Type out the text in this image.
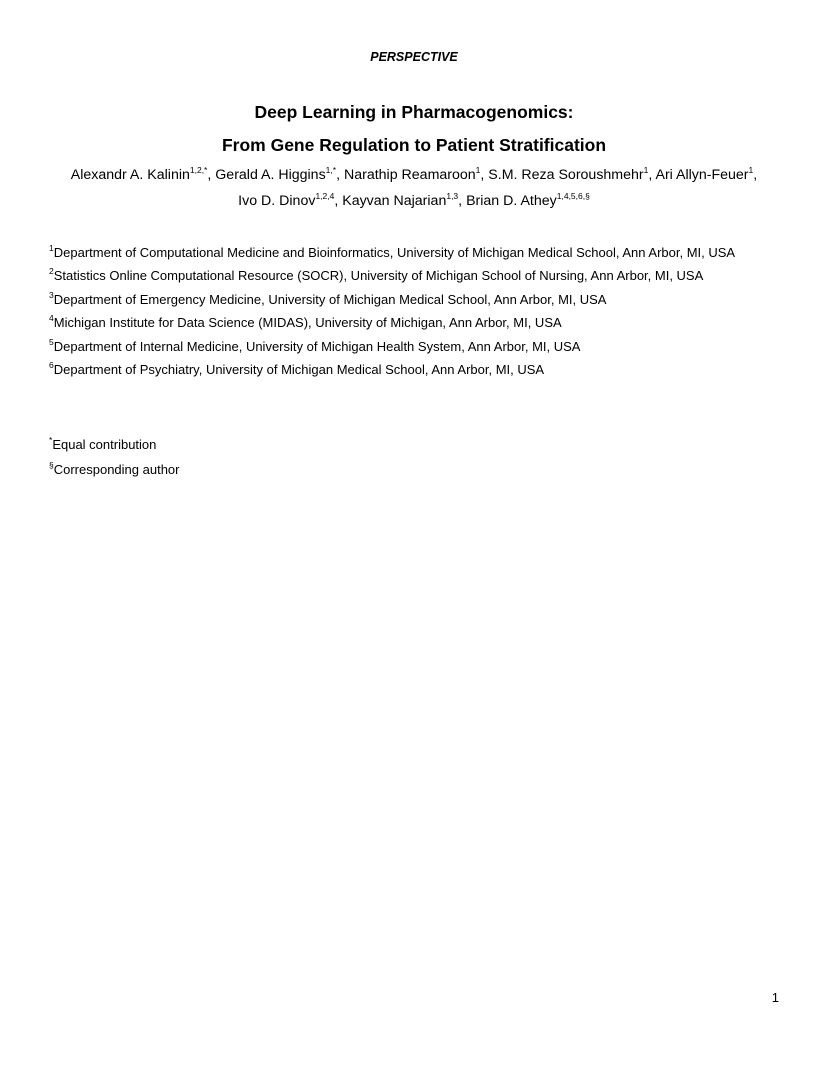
PERSPECTIVE
Deep Learning in Pharmacogenomics:
From Gene Regulation to Patient Stratification
Alexandr A. Kalinin$^{1,2,*}$, Gerald A. Higgins$^{1,*}$, Narathip Reamaroon$^1$, S.M. Reza Soroushmehr$^1$, Ari Allyn-Feuer$^1$,
Ivo D. Dinov$^{1,2,4}$, Kayvan Najarian$^{1,3}$, Brian D. Athey$^{1,4,5,6,\S}$
$^1$Department of Computational Medicine and Bioinformatics, University of Michigan Medical School, Ann Arbor, MI, USA
$^2$Statistics Online Computational Resource (SOCR), University of Michigan School of Nursing, Ann Arbor, MI, USA
$^3$Department of Emergency Medicine, University of Michigan Medical School, Ann Arbor, MI, USA
$^4$Michigan Institute for Data Science (MIDAS), University of Michigan, Ann Arbor, MI, USA
$^5$Department of Internal Medicine, University of Michigan Health System, Ann Arbor, MI, USA
$^6$Department of Psychiatry, University of Michigan Medical School, Ann Arbor, MI, USA
*Equal contribution
§Corresponding author
1
